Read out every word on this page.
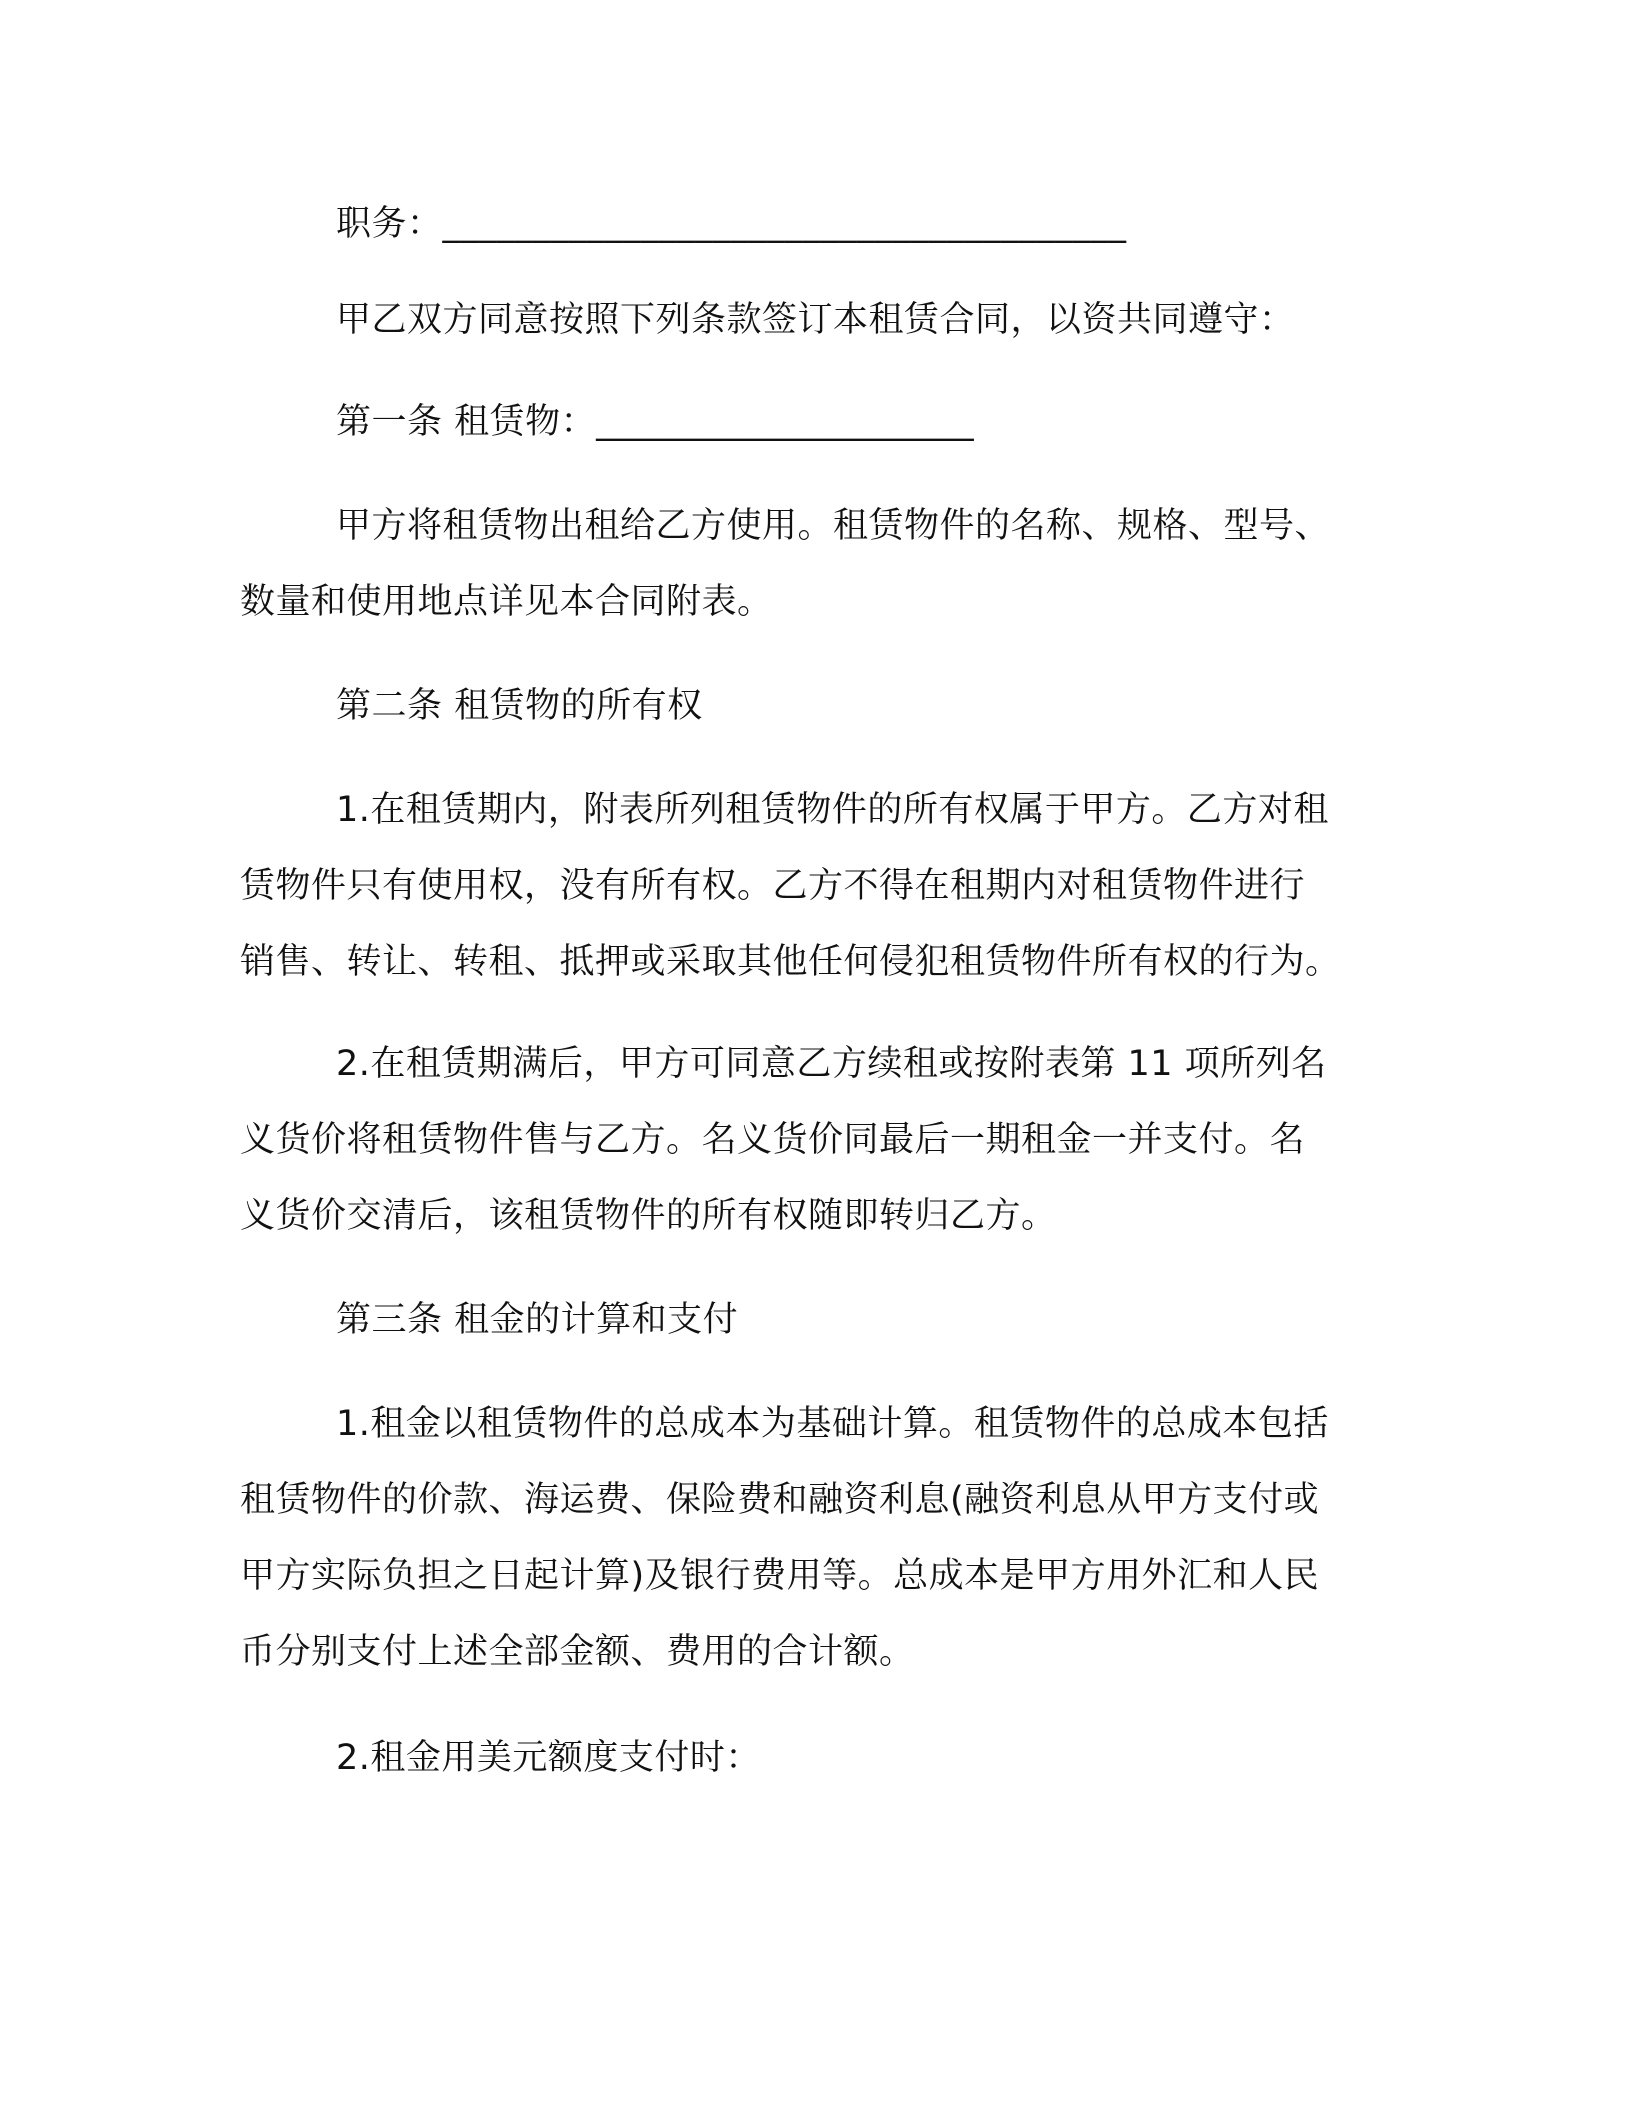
职务：______________________________________
甲乙双方同意按照下列条款签订本租赁合同，以资共同遵守：
第一条 租赁物：_____________________
甲方将租赁物出租给乙方使用。租赁物件的名称、规格、型号、
数量和使用地点详见本合同附表。
第二条 租赁物的所有权
1.在租赁期内，附表所列租赁物件的所有权属于甲方。乙方对租
赁物件只有使用权，没有所有权。乙方不得在租期内对租赁物件进行
销售、转让、转租、抵押或采取其他任何侵犯租赁物件所有权的行为。
2.在租赁期满后，甲方可同意乙方续租或按附表第 11 项所列名
义货价将租赁物件售与乙方。名义货价同最后一期租金一并支付。名
义货价交清后，该租赁物件的所有权随即转归乙方。
第三条 租金的计算和支付
1.租金以租赁物件的总成本为基础计算。租赁物件的总成本包括
租赁物件的价款、海运费、保险费和融资利息(融资利息从甲方支付或
甲方实际负担之日起计算)及银行费用等。总成本是甲方用外汇和人民
币分别支付上述全部金额、费用的合计额。
2.租金用美元额度支付时：
